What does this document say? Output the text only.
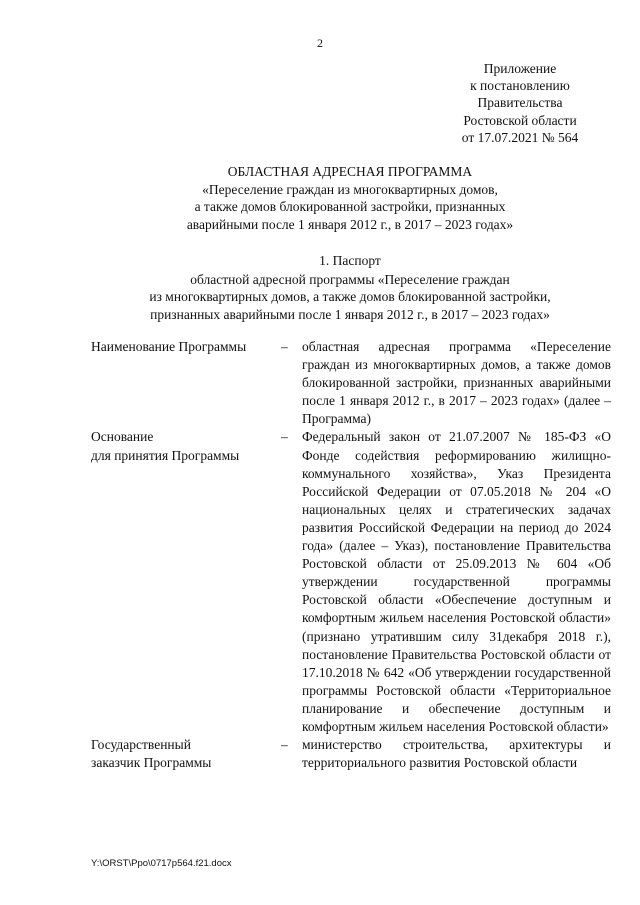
2
Приложение
к постановлению
Правительства
Ростовской области
от 17.07.2021 № 564
ОБЛАСТНАЯ АДРЕСНАЯ ПРОГРАММА
«Переселение граждан из многоквартирных домов,
а также домов блокированной застройки, признанных
аварийными после 1 января 2012 г., в 2017 – 2023 годах»
1. Паспорт
областной адресной программы «Переселение граждан
из многоквартирных домов, а также домов блокированной застройки,
признанных аварийными после 1 января 2012 г., в 2017 – 2023 годах»
Наименование Программы	–	областная адресная программа «Переселение граждан из многоквартирных домов, а также домов блокированной застройки, признанных аварийными после 1 января 2012 г., в 2017 – 2023 годах» (далее – Программа)
Основание
для принятия Программы
–	Федеральный закон от 21.07.2007 № 185-ФЗ «О Фонде содействия реформированию жилищно-коммунального хозяйства», Указ Президента Российской Федерации от 07.05.2018 № 204 «О национальных целях и стратегических задачах развития Российской Федерации на период до 2024 года» (далее – Указ), постановление Правительства Ростовской области от 25.09.2013 № 604 «Об утверждении государственной программы Ростовской области «Обеспечение доступным и комфортным жильем населения Ростовской области» (признано утратившим силу 31декабря 2018 г.), постановление Правительства Ростовской области от 17.10.2018 № 642 «Об утверждении государственной программы Ростовской области «Территориальное планирование и обеспечение доступным и комфортным жильем населения Ростовской области»
Государственный
заказчик Программы
–	министерство строительства, архитектуры и территориального развития Ростовской области
Y:\ORST\Ppo\0717p564.f21.docx
